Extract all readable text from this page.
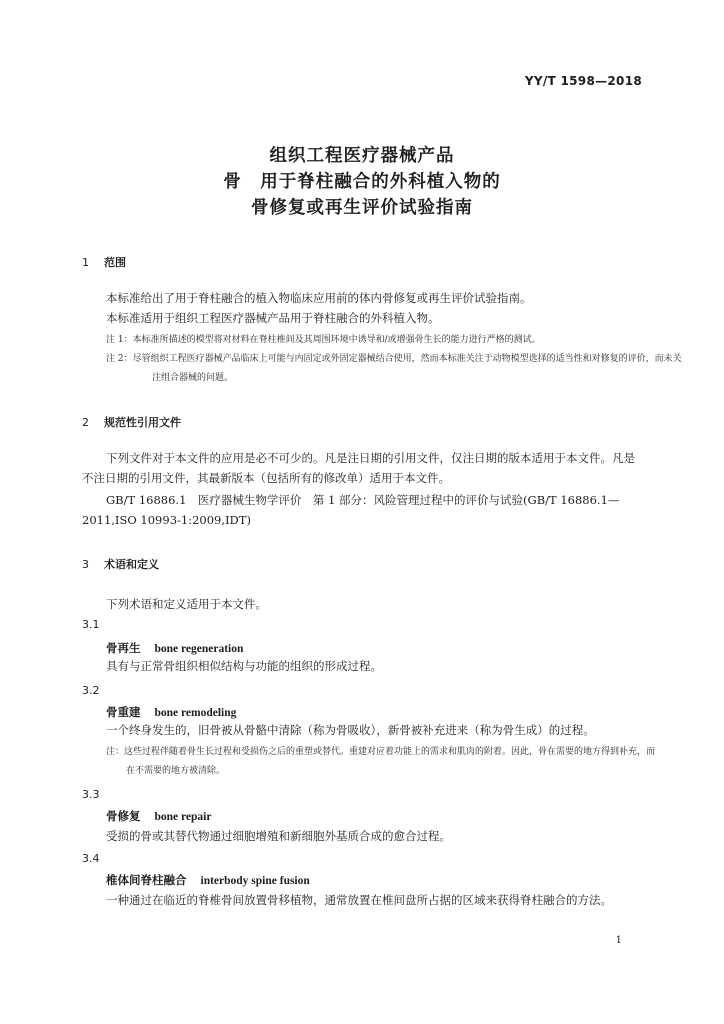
YY/T 1598—2018
组织工程医疗器械产品
骨　用于脊柱融合的外科植入物的
骨修复或再生评价试验指南
1 范围

本标准给出了用于脊柱融合的植入物临床应用前的体内骨修复或再生评价试验指南。

本标准适用于组织工程医疗器械产品用于脊柱融合的外科植入物。

注 1：本标准所描述的模型将对材料在脊柱椎间及其周围环境中诱导和/或增强骨生长的能力进行严格的测试。

注 2：尽管组织工程医疗器械产品临床上可能与内固定或外固定器械结合使用，然而本标准关注于动物模型选择的适当性和对修复的评价，而未关注组合器械的问题。

2 规范性引用文件

下列文件对于本文件的应用是必不可少的。凡是注日期的引用文件，仅注日期的版本适用于本文件。凡是不注日期的引用文件，其最新版本（包括所有的修改单）适用于本文件。

GB/T 16886.1　医疗器械生物学评价　第 1 部分：风险管理过程中的评价与试验(GB/T 16886.1—2011,ISO 10993-1:2009,IDT)

3 术语和定义

下列术语和定义适用于本文件。

3.1
骨再生 bone regeneration

具有与正常骨组织相似结构与功能的组织的形成过程。

3.2
骨重建 bone remodeling

一个终身发生的，旧骨被从骨骼中清除（称为骨吸收），新骨被补充进来（称为骨生成）的过程。

注：这些过程伴随着骨生长过程和受损伤之后的重塑或替代。重建对应着功能上的需求和肌肉的附着。因此，骨在需要的地方得到补充，而在不需要的地方被清除。

3.3
骨修复 bone repair

受损的骨或其替代物通过细胞增殖和新细胞外基质合成的愈合过程。

3.4
椎体间脊柱融合 interbody spine fusion

一种通过在临近的脊椎骨间放置骨移植物，通常放置在椎间盘所占据的区域来获得脊柱融合的方法。

1
